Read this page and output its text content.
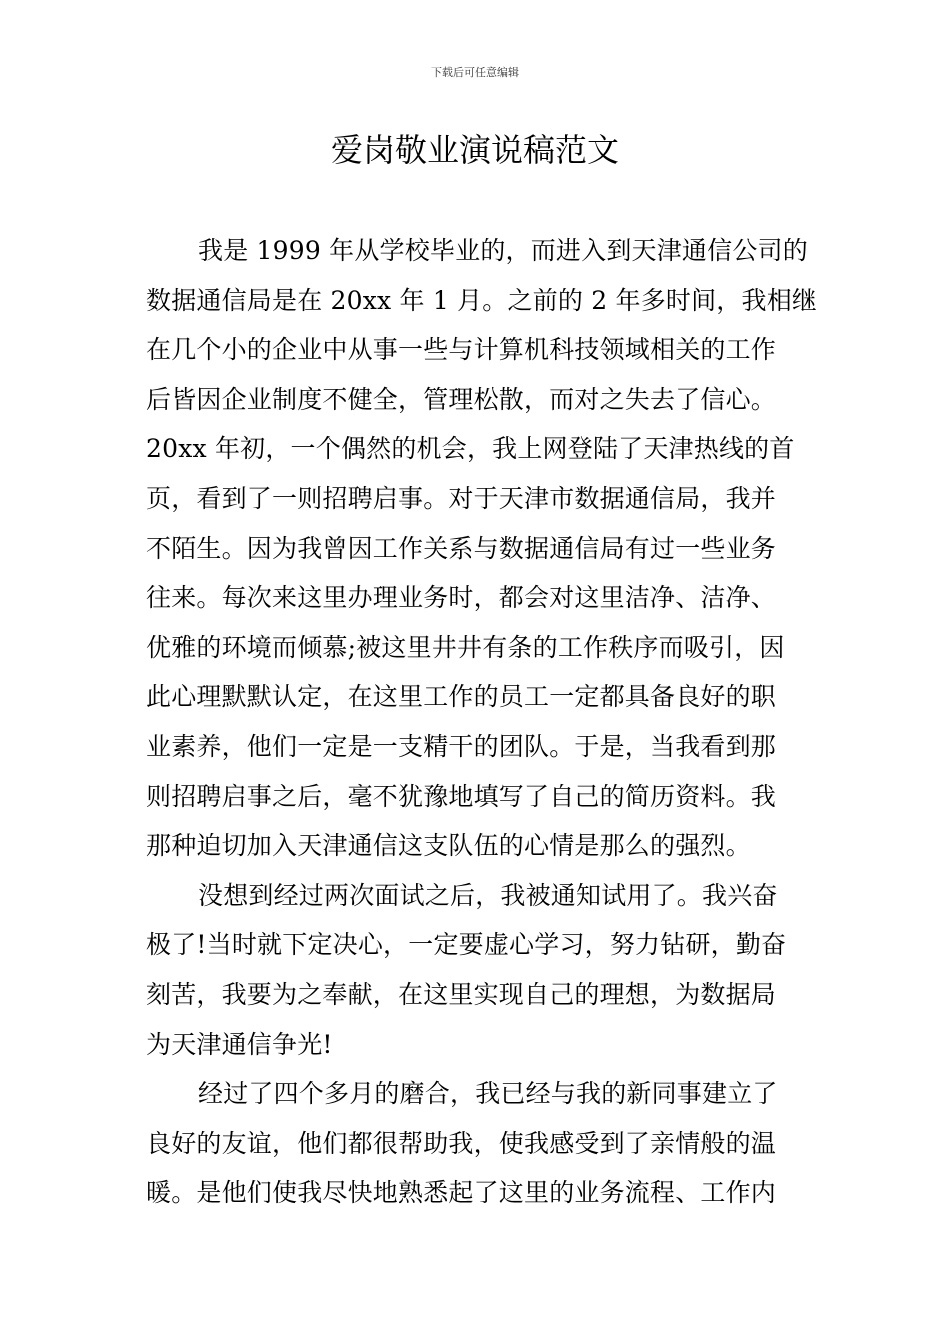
下载后可任意编辑
爱岗敬业演说稿范文
我是 1999 年从学校毕业的，而进入到天津通信公司的
数据通信局是在 20xx 年 1 月。之前的 2 年多时间，我相继
在几个小的企业中从事一些与计算机科技领域相关的工作
后皆因企业制度不健全，管理松散，而对之失去了信心。
20xx 年初，一个偶然的机会，我上网登陆了天津热线的首
页，看到了一则招聘启事。对于天津市数据通信局，我并
不陌生。因为我曾因工作关系与数据通信局有过一些业务
往来。每次来这里办理业务时，都会对这里洁净、洁净、
优雅的环境而倾慕;被这里井井有条的工作秩序而吸引，因
此心理默默认定，在这里工作的员工一定都具备良好的职
业素养，他们一定是一支精干的团队。于是，当我看到那
则招聘启事之后，毫不犹豫地填写了自己的简历资料。我
那种迫切加入天津通信这支队伍的心情是那么的强烈。
没想到经过两次面试之后，我被通知试用了。我兴奋
极了!当时就下定决心，一定要虚心学习，努力钻研，勤奋
刻苦，我要为之奉献，在这里实现自己的理想，为数据局
为天津通信争光!
经过了四个多月的磨合，我已经与我的新同事建立了
良好的友谊，他们都很帮助我，使我感受到了亲情般的温
暖。是他们使我尽快地熟悉起了这里的业务流程、工作内
